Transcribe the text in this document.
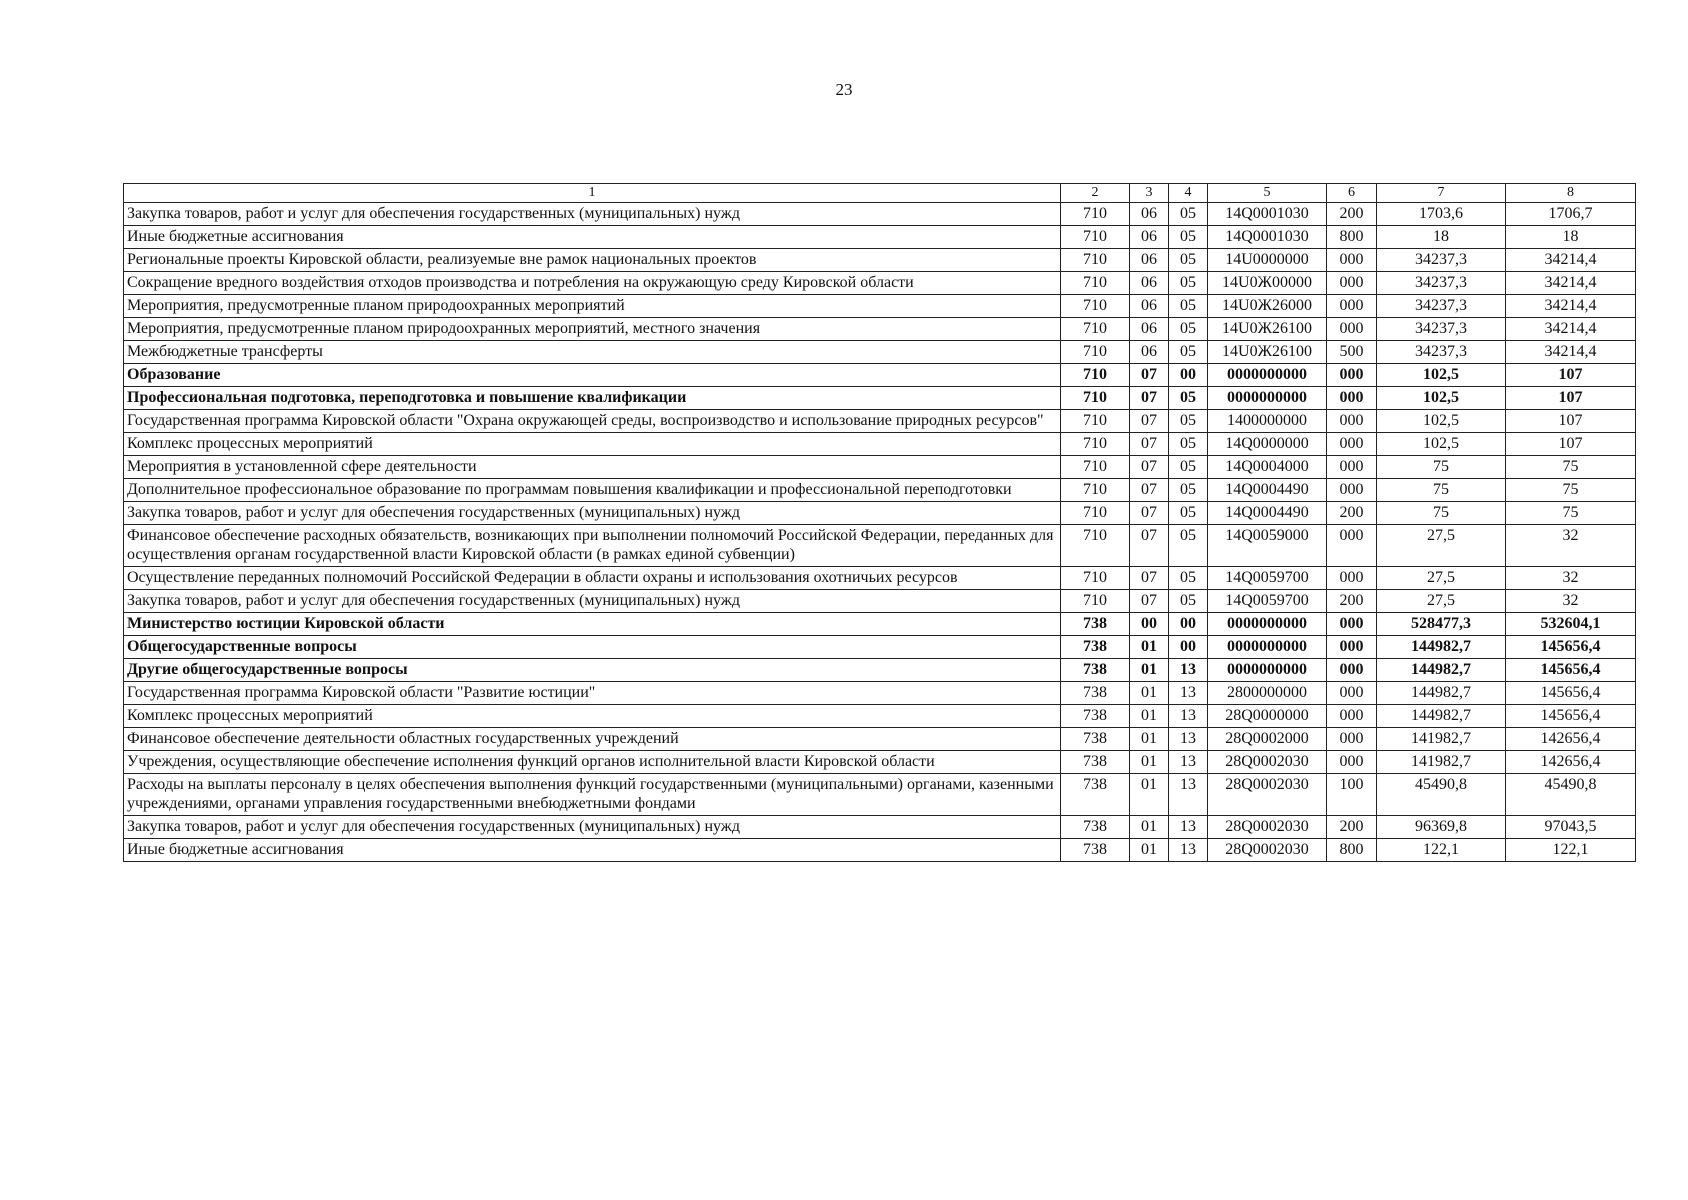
23
1	2	3	4	5	6	7	8
Закупка товаров, работ и услуг для обеспечения государственных (муниципальных) нужд	710	06	05	14Q0001030	200	1703,6	1706,7
Иные бюджетные ассигнования	710	06	05	14Q0001030	800	18	18
Региональные проекты Кировской области, реализуемые вне рамок национальных проектов	710	06	05	14U0000000	000	34237,3	34214,4
Сокращение вредного воздействия отходов производства и потребления на окружающую среду Кировской области	710	06	05	14U0Ж00000	000	34237,3	34214,4
Мероприятия, предусмотренные планом природоохранных мероприятий	710	06	05	14U0Ж26000	000	34237,3	34214,4
Мероприятия, предусмотренные планом природоохранных мероприятий, местного значения	710	06	05	14U0Ж26100	000	34237,3	34214,4
Межбюджетные трансферты	710	06	05	14U0Ж26100	500	34237,3	34214,4
Образование	710	07	00	0000000000	000	102,5	107
Профессиональная подготовка, переподготовка и повышение квалификации	710	07	05	0000000000	000	102,5	107
Государственная программа Кировской области "Охрана окружающей среды, воспроизводство и использование природных ресурсов"	710	07	05	1400000000	000	102,5	107
Комплекс процессных мероприятий	710	07	05	14Q0000000	000	102,5	107
Мероприятия в установленной сфере деятельности	710	07	05	14Q0004000	000	75	75
Дополнительное профессиональное образование по программам повышения квалификации и профессиональной переподготовки	710	07	05	14Q0004490	000	75	75
Закупка товаров, работ и услуг для обеспечения государственных (муниципальных) нужд	710	07	05	14Q0004490	200	75	75
Финансовое обеспечение расходных обязательств, возникающих при выполнении полномочий Российской Федерации, переданных для осуществления органам государственной власти Кировской области (в рамках единой субвенции)	710	07	05	14Q0059000	000	27,5	32
Осуществление переданных полномочий Российской Федерации в области охраны и использования охотничьих ресурсов	710	07	05	14Q0059700	000	27,5	32
Закупка товаров, работ и услуг для обеспечения государственных (муниципальных) нужд	710	07	05	14Q0059700	200	27,5	32
Министерство юстиции Кировской области	738	00	00	0000000000	000	528477,3	532604,1
Общегосударственные вопросы	738	01	00	0000000000	000	144982,7	145656,4
Другие общегосударственные вопросы	738	01	13	0000000000	000	144982,7	145656,4
Государственная программа Кировской области "Развитие юстиции"	738	01	13	2800000000	000	144982,7	145656,4
Комплекс процессных мероприятий	738	01	13	28Q0000000	000	144982,7	145656,4
Финансовое обеспечение деятельности областных государственных учреждений	738	01	13	28Q0002000	000	141982,7	142656,4
Учреждения, осуществляющие обеспечение исполнения функций органов исполнительной власти Кировской области	738	01	13	28Q0002030	000	141982,7	142656,4
Расходы на выплаты персоналу в целях обеспечения выполнения функций государственными (муниципальными) органами, казенными учреждениями, органами управления государственными внебюджетными фондами	738	01	13	28Q0002030	100	45490,8	45490,8
Закупка товаров, работ и услуг для обеспечения государственных (муниципальных) нужд	738	01	13	28Q0002030	200	96369,8	97043,5
Иные бюджетные ассигнования	738	01	13	28Q0002030	800	122,1	122,1
